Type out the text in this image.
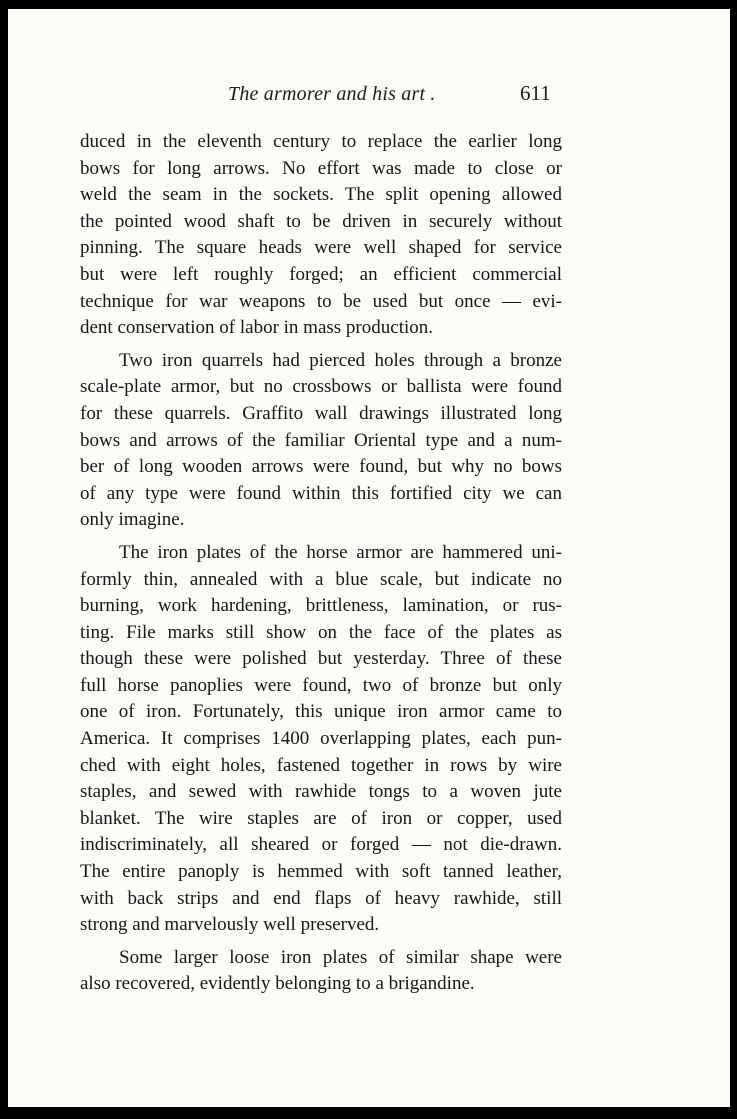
The armorer and his art .	611

duced in the eleventh century to replace the earlier long
bows for long arrows. No effort was made to close or
weld the seam in the sockets. The split opening allowed
the pointed wood shaft to be driven in securely without
pinning. The square heads were well shaped for service
but were left roughly forged; an efficient commercial
technique for war weapons to be used but once — evi-
dent conservation of labor in mass production.

Two iron quarrels had pierced holes through a bronze
scale-plate armor, but no crossbows or ballista were found
for these quarrels. Graffito wall drawings illustrated long
bows and arrows of the familiar Oriental type and a num-
ber of long wooden arrows were found, but why no bows
of any type were found within this fortified city we can
only imagine.

The iron plates of the horse armor are hammered uni-
formly thin, annealed with a blue scale, but indicate no
burning, work hardening, brittleness, lamination, or rus-
ting. File marks still show on the face of the plates as
though these were polished but yesterday. Three of these
full horse panoplies were found, two of bronze but only
one of iron. Fortunately, this unique iron armor came to
America. It comprises 1400 overlapping plates, each pun-
ched with eight holes, fastened together in rows by wire
staples, and sewed with rawhide tongs to a woven jute
blanket. The wire staples are of iron or copper, used
indiscriminately, all sheared or forged — not die-drawn.
The entire panoply is hemmed with soft tanned leather,
with back strips and end flaps of heavy rawhide, still
strong and marvelously well preserved.

Some larger loose iron plates of similar shape were
also recovered, evidently belonging to a brigandine.
